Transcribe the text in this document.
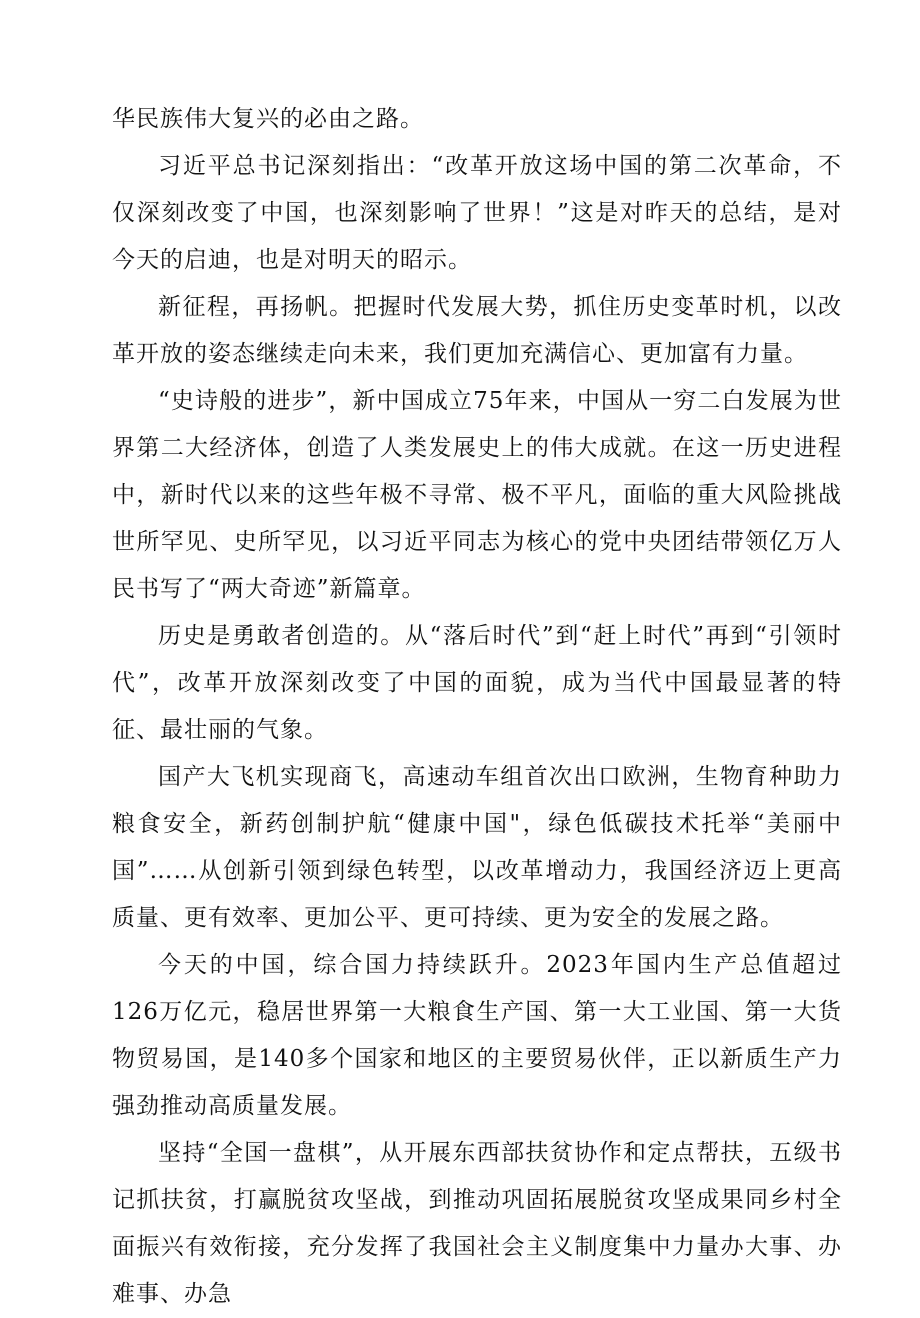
华民族伟大复兴的必由之路。

习近平总书记深刻指出：“改革开放这场中国的第二次革命，不仅深刻改变了中国，也深刻影响了世界！”这是对昨天的总结，是对今天的启迪，也是对明天的昭示。

新征程，再扬帆。把握时代发展大势，抓住历史变革时机，以改革开放的姿态继续走向未来，我们更加充满信心、更加富有力量。

“史诗般的进步”，新中国成立75年来，中国从一穷二白发展为世界第二大经济体，创造了人类发展史上的伟大成就。在这一历史进程中，新时代以来的这些年极不寻常、极不平凡，面临的重大风险挑战世所罕见、史所罕见，以习近平同志为核心的党中央团结带领亿万人民书写了“两大奇迹”新篇章。

历史是勇敢者创造的。从“落后时代”到“赶上时代”再到“引领时代”，改革开放深刻改变了中国的面貌，成为当代中国最显著的特征、最壮丽的气象。

国产大飞机实现商飞，高速动车组首次出口欧洲，生物育种助力粮食安全，新药创制护航“健康中国"，绿色低碳技术托举“美丽中国”……从创新引领到绿色转型，以改革增动力，我国经济迈上更高质量、更有效率、更加公平、更可持续、更为安全的发展之路。

今天的中国，综合国力持续跃升。2023年国内生产总值超过126万亿元，稳居世界第一大粮食生产国、第一大工业国、第一大货物贸易国，是140多个国家和地区的主要贸易伙伴，正以新质生产力强劲推动高质量发展。

坚持“全国一盘棋”，从开展东西部扶贫协作和定点帮扶，五级书记抓扶贫，打赢脱贫攻坚战，到推动巩固拓展脱贫攻坚成果同乡村全面振兴有效衔接，充分发挥了我国社会主义制度集中力量办大事、办难事、办急
